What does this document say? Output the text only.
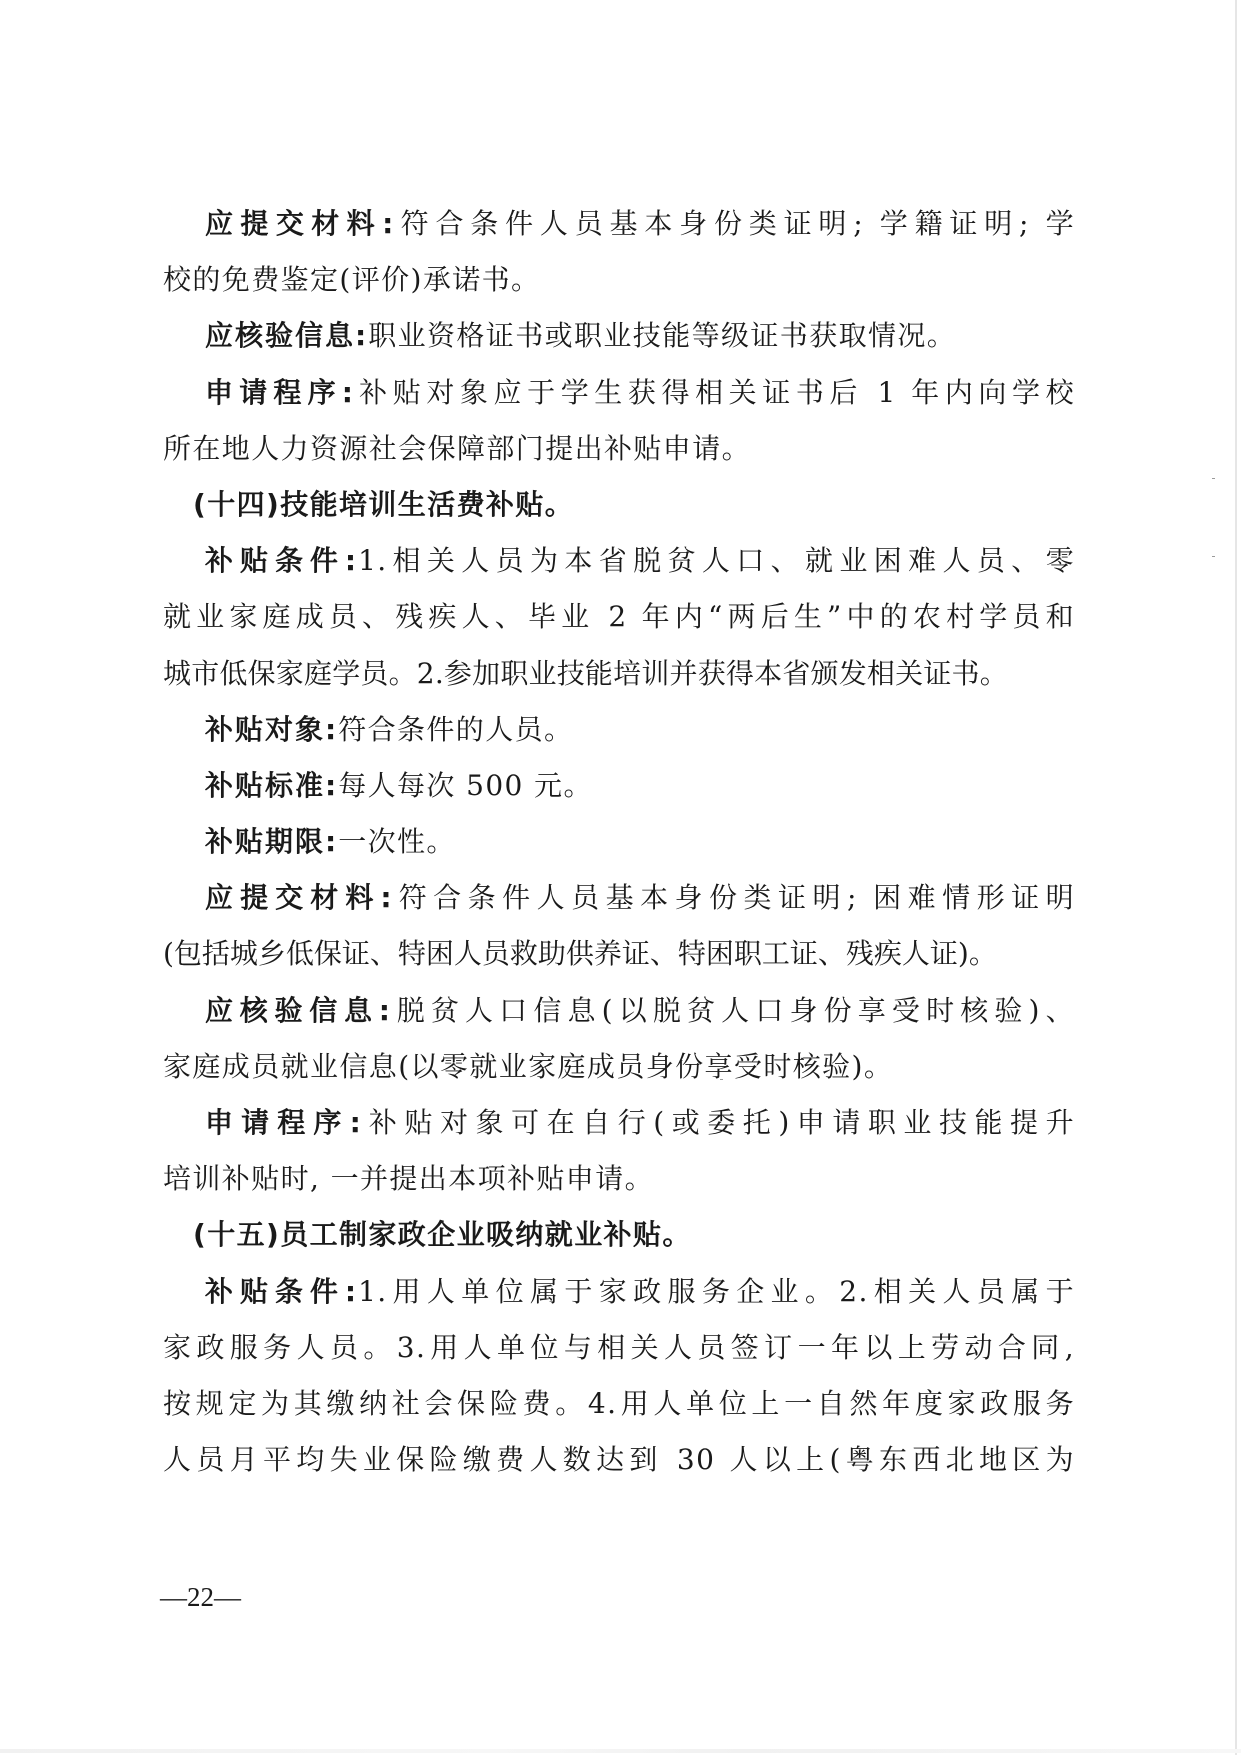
应提交材料:符合条件人员基本身份类证明; 学籍证明; 学
校的免费鉴定(评价)承诺书。
应核验信息:职业资格证书或职业技能等级证书获取情况。
申请程序:补贴对象应于学生获得相关证书后 1 年内向学校
所在地人力资源社会保障部门提出补贴申请。
(十四)技能培训生活费补贴。
补贴条件:1.相关人员为本省脱贫人口、就业困难人员、零
就业家庭成员、残疾人、毕业 2 年内“两后生”中的农村学员和
城市低保家庭学员。2.参加职业技能培训并获得本省颁发相关证书。
补贴对象:符合条件的人员。
补贴标准:每人每次 500 元。
补贴期限:一次性。
应提交材料:符合条件人员基本身份类证明; 困难情形证明
(包括城乡低保证、特困人员救助供养证、特困职工证、残疾人证)。
应核验信息:脱贫人口信息(以脱贫人口身份享受时核验)、
家庭成员就业信息(以零就业家庭成员身份享受时核验)。
申请程序:补贴对象可在自行(或委托)申请职业技能提升
培训补贴时, 一并提出本项补贴申请。
(十五)员工制家政企业吸纳就业补贴。
补贴条件:1.用人单位属于家政服务企业。2.相关人员属于
家政服务人员。3.用人单位与相关人员签订一年以上劳动合同,
按规定为其缴纳社会保险费。4.用人单位上一自然年度家政服务
人员月平均失业保险缴费人数达到 30 人以上(粤东西北地区为
—22—
